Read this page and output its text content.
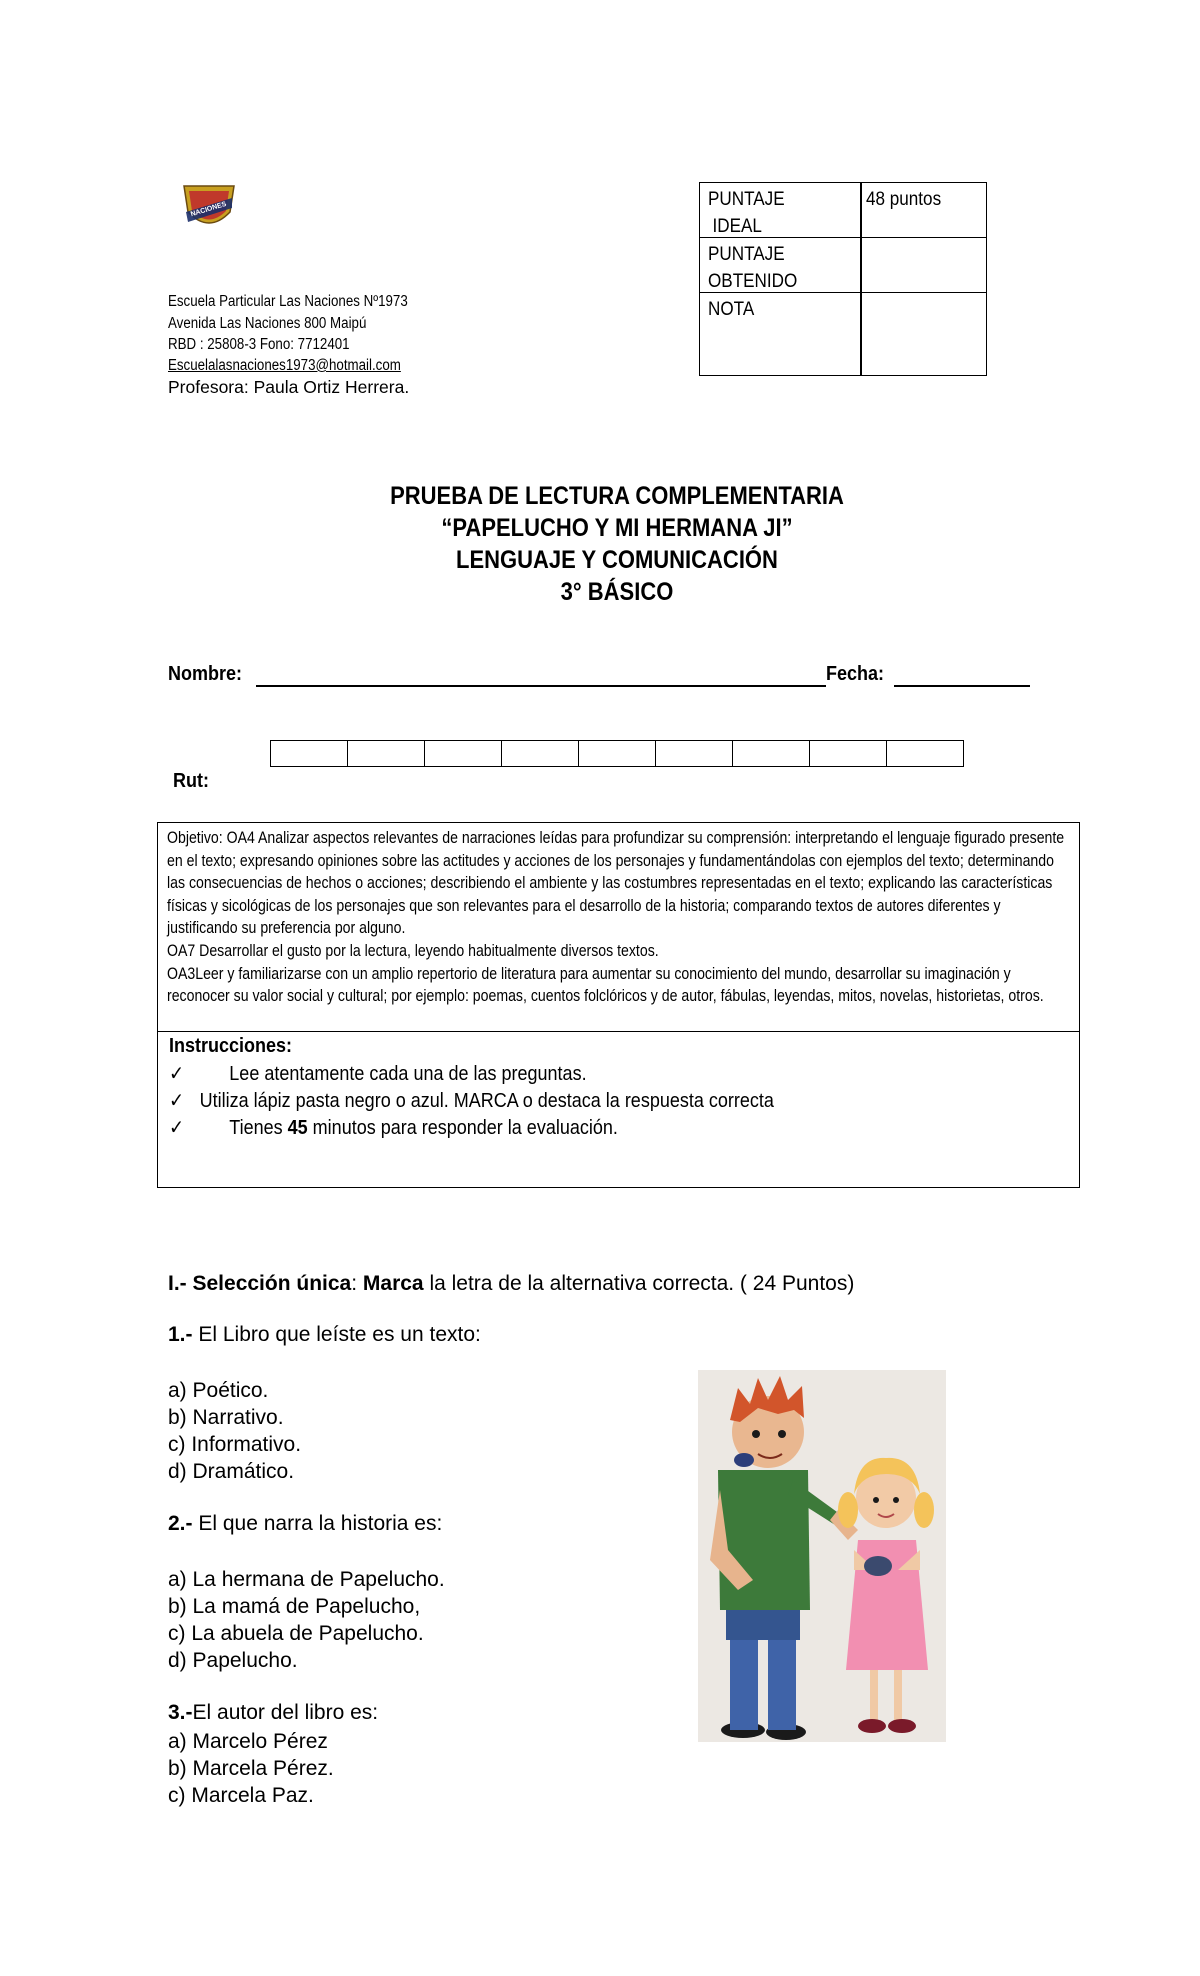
NACIONES
Escuela Particular Las Naciones Nº1973
Avenida Las Naciones 800 Maipú
RBD : 25808-3 Fono: 7712401
Escuelalasnaciones1973@hotmail.com
Profesora: Paula Ortiz Herrera.
PUNTAJE
IDEAL
48 puntos
PUNTAJE
OBTENIDO
NOTA
PRUEBA DE LECTURA COMPLEMENTARIA
“PAPELUCHO Y MI HERMANA JI”
LENGUAJE Y COMUNICACIÓN
3° BÁSICO
Nombre:	Fecha:
Rut:

Objetivo: OA4 Analizar aspectos relevantes de narraciones leídas para profundizar su comprensión: interpretando el lenguaje figurado presente en el texto; expresando opiniones sobre las actitudes y acciones de los personajes y fundamentándolas con ejemplos del texto; determinando las consecuencias de hechos o acciones; describiendo el ambiente y las costumbres representadas en el texto; explicando las características físicas y sicológicas de los personajes que son relevantes para el desarrollo de la historia; comparando textos de autores diferentes y justificando su preferencia por alguno.

OA7 Desarrollar el gusto por la lectura, leyendo habitualmente diversos textos.

OA3Leer y familiarizarse con un amplio repertorio de literatura para aumentar su conocimiento del mundo, desarrollar su imaginación y reconocer su valor social y cultural; por ejemplo: poemas, cuentos folclóricos y de autor, fábulas, leyendas, mitos, novelas, historietas, otros.

Instrucciones:
✓ Lee atentamente cada una de las preguntas.
✓ Utiliza lápiz pasta negro o azul. MARCA o destaca la respuesta correcta
✓ Tienes 45 minutos para responder la evaluación.
I.- Selección única: Marca la letra de la alternativa correcta. ( 24 Puntos)
1.- El Libro que leíste es un texto:
a) Poético.
b) Narrativo.
c) Informativo.
d) Dramático.
2.- El que narra la historia es:
a) La hermana de Papelucho.
b) La mamá de Papelucho,
c) La abuela de Papelucho.
d) Papelucho.
3.-El autor del libro es:
a) Marcelo Pérez
b) Marcela Pérez.
c) Marcela Paz.
